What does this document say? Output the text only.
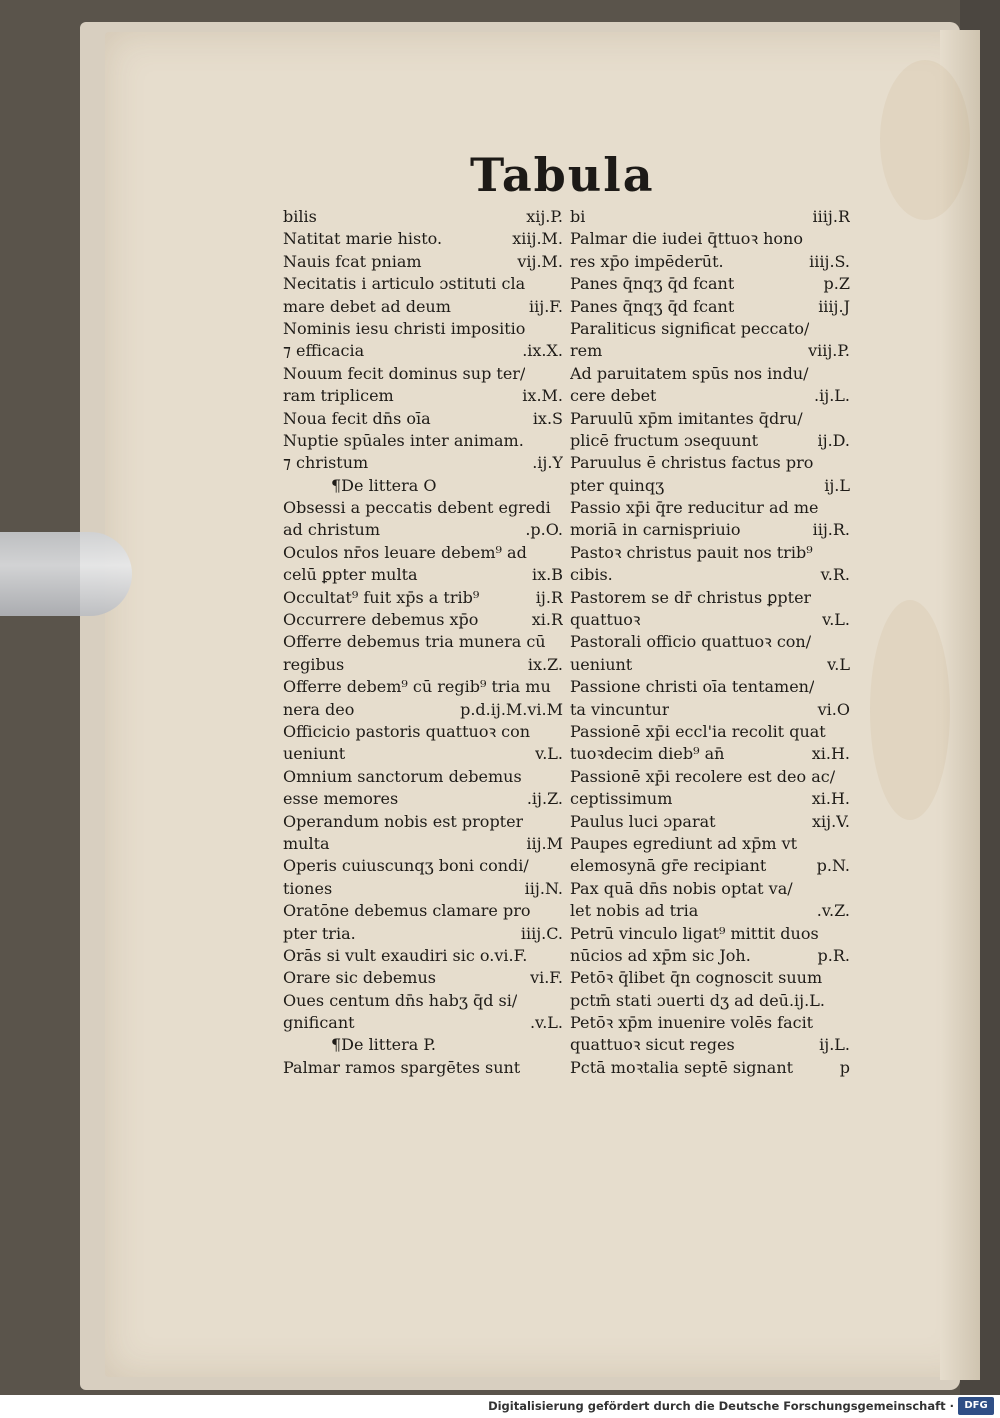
Tabula
bilis	xij.P.
Natitat marie histo.	xiij.M.
Nauis fcat pniam	vij.M.
Necitatis i articulo ɔstituti cla
mare debet ad deum	iij.F.
Nominis iesu christi impositio
⁊ efficacia	.ix.X.
Nouum fecit dominus sup ter/
ram triplicem	ix.M.
Noua fecit dn̄s oīa	ix.S
Nuptie spūales inter animam.
⁊ christum	.ij.Y
¶De littera O
Obsessi a peccatis debent egredi
ad christum	.p.O.
Oculos nr̄os leuare debem⁹ ad
celū ꝑpter multa	ix.B
Occultat⁹ fuit xp̄s a trib⁹	ij.R
Occurrere debemus xp̄o	xi.R
Offerre debemus tria munera cū
regibus	ix.Z.
Offerre debem⁹ cū regib⁹ tria mu
nera deo	p.d.ij.M.vi.M
Officicio pastoris quattuoꝛ con
ueniunt	v.L.
Omnium sanctorum debemus
esse memores	.ij.Z.
Operandum nobis est propter
multa	iij.M
Operis cuiuscunqʒ boni condi/
tiones	iij.N.
Oratōne debemus clamare pro
pter tria.	iiij.C.
Orās si vult exaudiri sic o.vi.F.
Orare sic debemus	vi.F.
Oues centum dn̄s habʒ q̄d si/
gnificant	.v.L.
¶De littera P.
Palmar ramos spargētes sunt
bi	iiij.R
Palmar die iudei q̄ttuoꝛ hono
res xp̄o impēderūt.	iiij.S.
Panes q̄nqʒ q̄d fcant	p.Z
Panes q̄nqʒ q̄d fcant	iiij.J
Paraliticus significat peccato/
rem	viij.P.
Ad paruitatem spūs nos indu/
cere debet	.ij.L.
Paruulū xp̄m imitantes q̄dru/
plicē fructum ɔsequunt	ij.D.
Paruulus ē christus factus pro
pter quinqʒ	ij.L
Passio xp̄i q̄re reducitur ad me
moriā in carnispriuio	iij.R.
Pastoꝛ christus pauit nos trib⁹
cibis.	v.R.
Pastorem se dr̄ christus ꝑpter
quattuoꝛ	v.L.
Pastorali officio quattuoꝛ con/
ueniunt	v.L
Passione christi oīa tentamen/
ta vincuntur	vi.O
Passionē xp̄i eccl'ia recolit quat
tuoꝛdecim dieb⁹ an̄	xi.H.
Passionē xp̄i recolere est deo ac/
ceptissimum	xi.H.
Paulus luci ɔparat	xij.V.
Paupes egrediunt ad xp̄m vt
elemosynā gr̄e recipiant	p.N.
Pax quā dn̄s nobis optat va/
let nobis ad tria	.v.Z.
Petrū vinculo ligat⁹ mittit duos
nūcios ad xp̄m sic Joh.	p.R.
Petōꝛ q̄libet q̄n cognoscit suum
pctm̄ stati ɔuerti dʒ ad deū.ij.L.
Petōꝛ xp̄m inuenire volēs facit
quattuoꝛ sicut reges	ij.L.
Pctā moꝛtalia septē signant	p
Digitalisierung gefördert durch die Deutsche Forschungsgemeinschaft ·	DFG
